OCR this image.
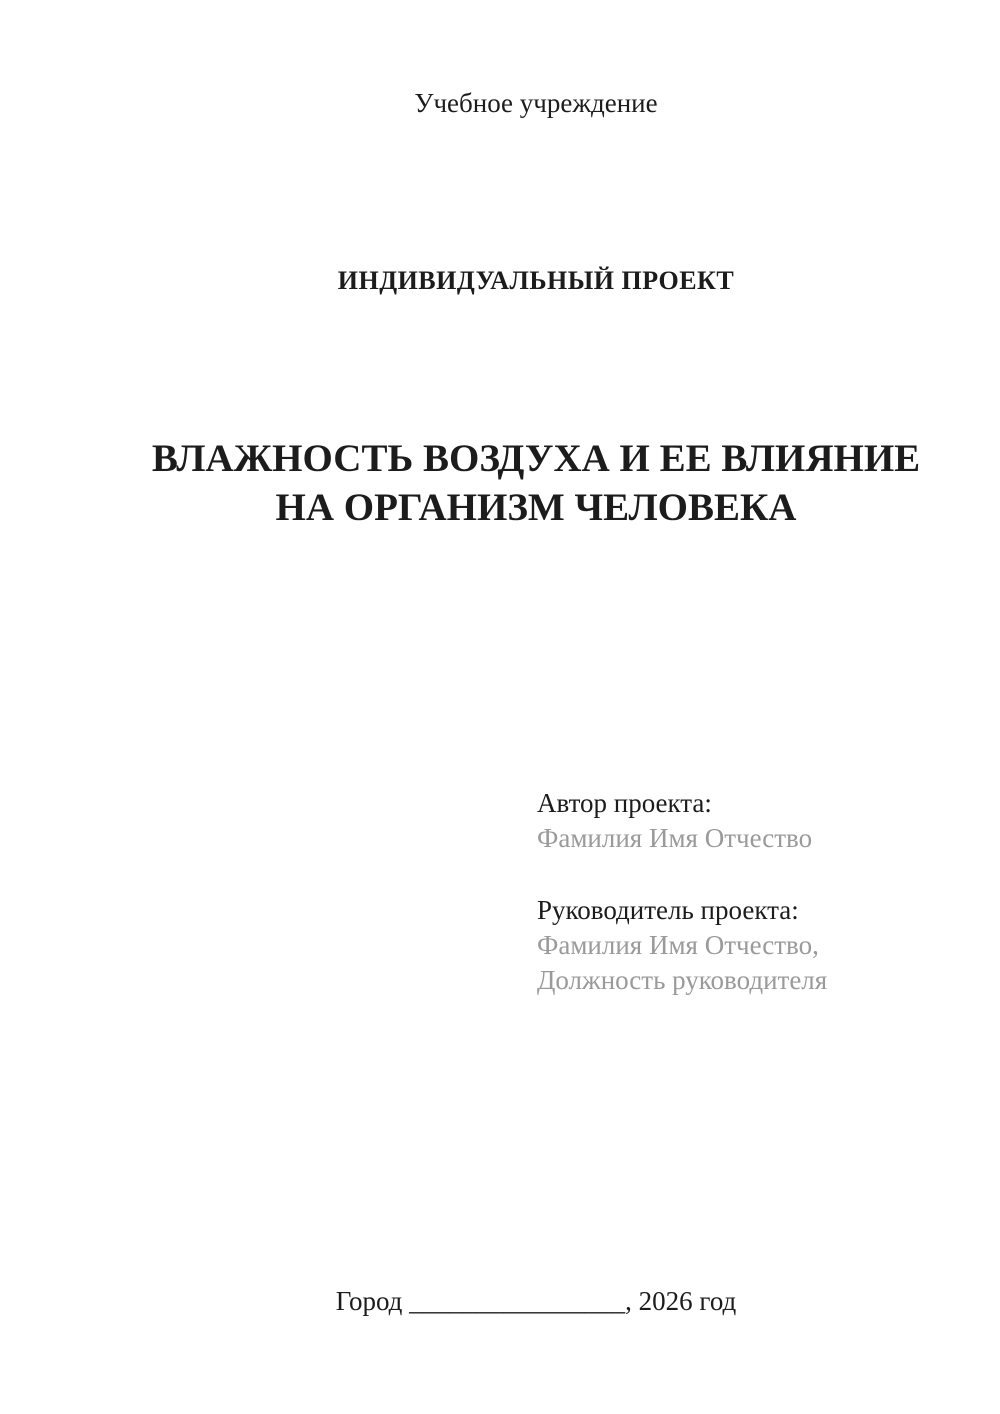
Учебное учреждение
ИНДИВИДУАЛЬНЫЙ ПРОЕКТ
ВЛАЖНОСТЬ ВОЗДУХА И ЕЕ ВЛИЯНИЕ
НА ОРГАНИЗМ ЧЕЛОВЕКА
Автор проекта:
Фамилия Имя Отчество
Руководитель проекта:
Фамилия Имя Отчество,
Должность руководителя
Город ________________, 2026 год
